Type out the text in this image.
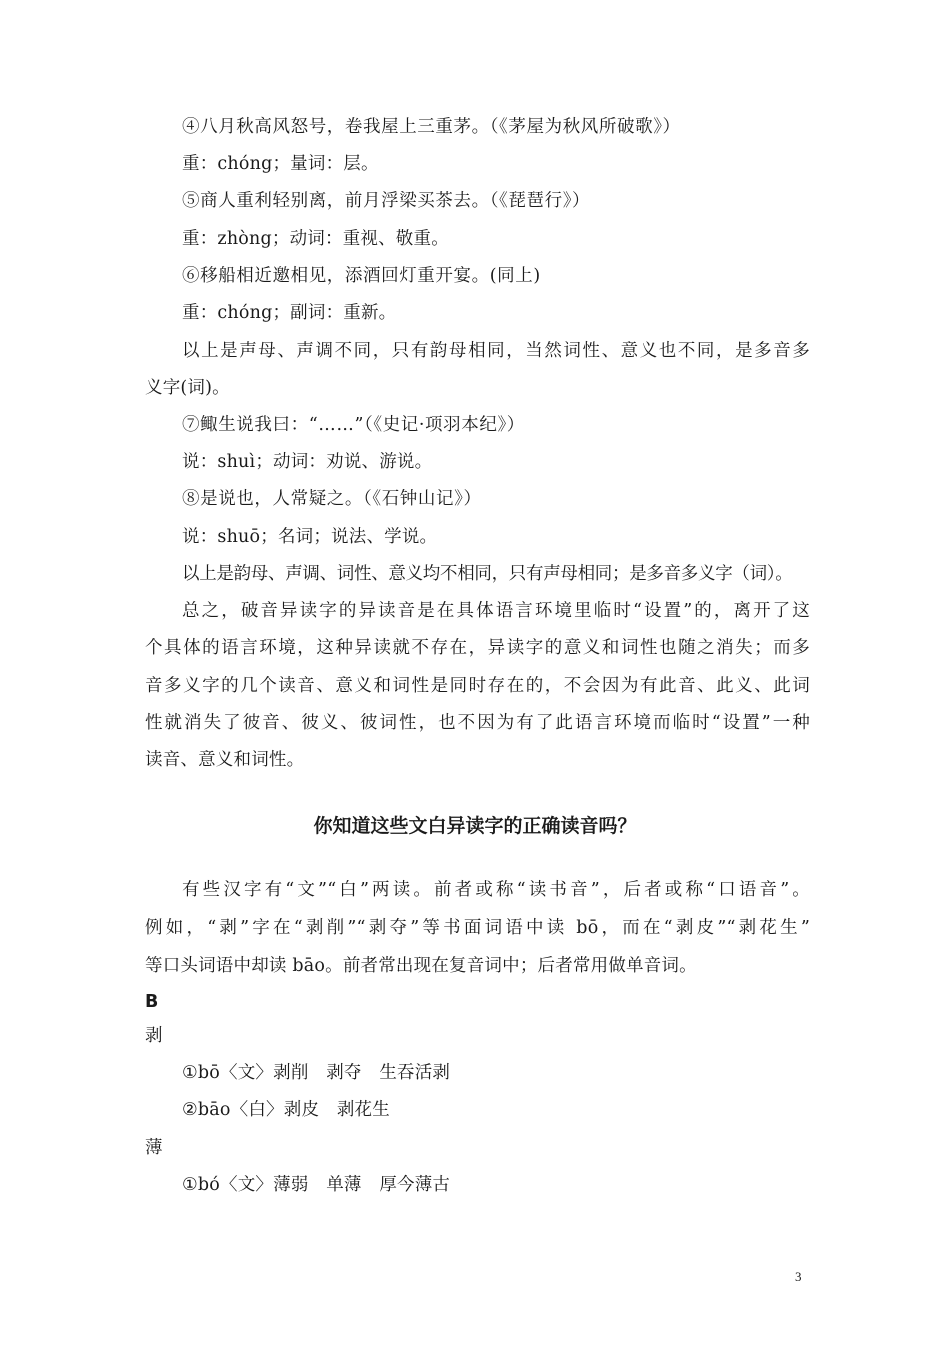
④八月秋高风怒号，卷我屋上三重茅。（《茅屋为秋风所破歌》）
重：chóng；量词：层。
⑤商人重利轻别离，前月浮梁买茶去。（《琵琶行》）
重：zhòng；动词：重视、敬重。
⑥移船相近邀相见，添酒回灯重开宴。(同上)
重：chóng；副词：重新。
以上是声母、声调不同，只有韵母相同，当然词性、意义也不同，是多音多
义字(词)。
⑦鲰生说我曰：“……”（《史记·项羽本纪》）
说：shuì；动词：劝说、游说。
⑧是说也，人常疑之。（《石钟山记》）
说：shuō；名词；说法、学说。
以上是韵母、声调、词性、意义均不相同，只有声母相同；是多音多义字（词）。
总之，破音异读字的异读音是在具体语言环境里临时“设置”的，离开了这
个具体的语言环境，这种异读就不存在，异读字的意义和词性也随之消失；而多
音多义字的几个读音、意义和词性是同时存在的，不会因为有此音、此义、此词
性就消失了彼音、彼义、彼词性，也不因为有了此语言环境而临时“设置”一种
读音、意义和词性。
你知道这些文白异读字的正确读音吗？
有些汉字有“文”“白”两读。前者或称“读书音”，后者或称“口语音”。
例如，“剥”字在“剥削”“剥夺”等书面词语中读 bō，而在“剥皮”“剥花生”
等口头词语中却读 bāo。前者常出现在复音词中；后者常用做单音词。
B
剥
①bō〈文〉剥削　剥夺　生吞活剥
②bāo〈白〉剥皮　剥花生
薄
①bó〈文〉薄弱　单薄　厚今薄古
3
